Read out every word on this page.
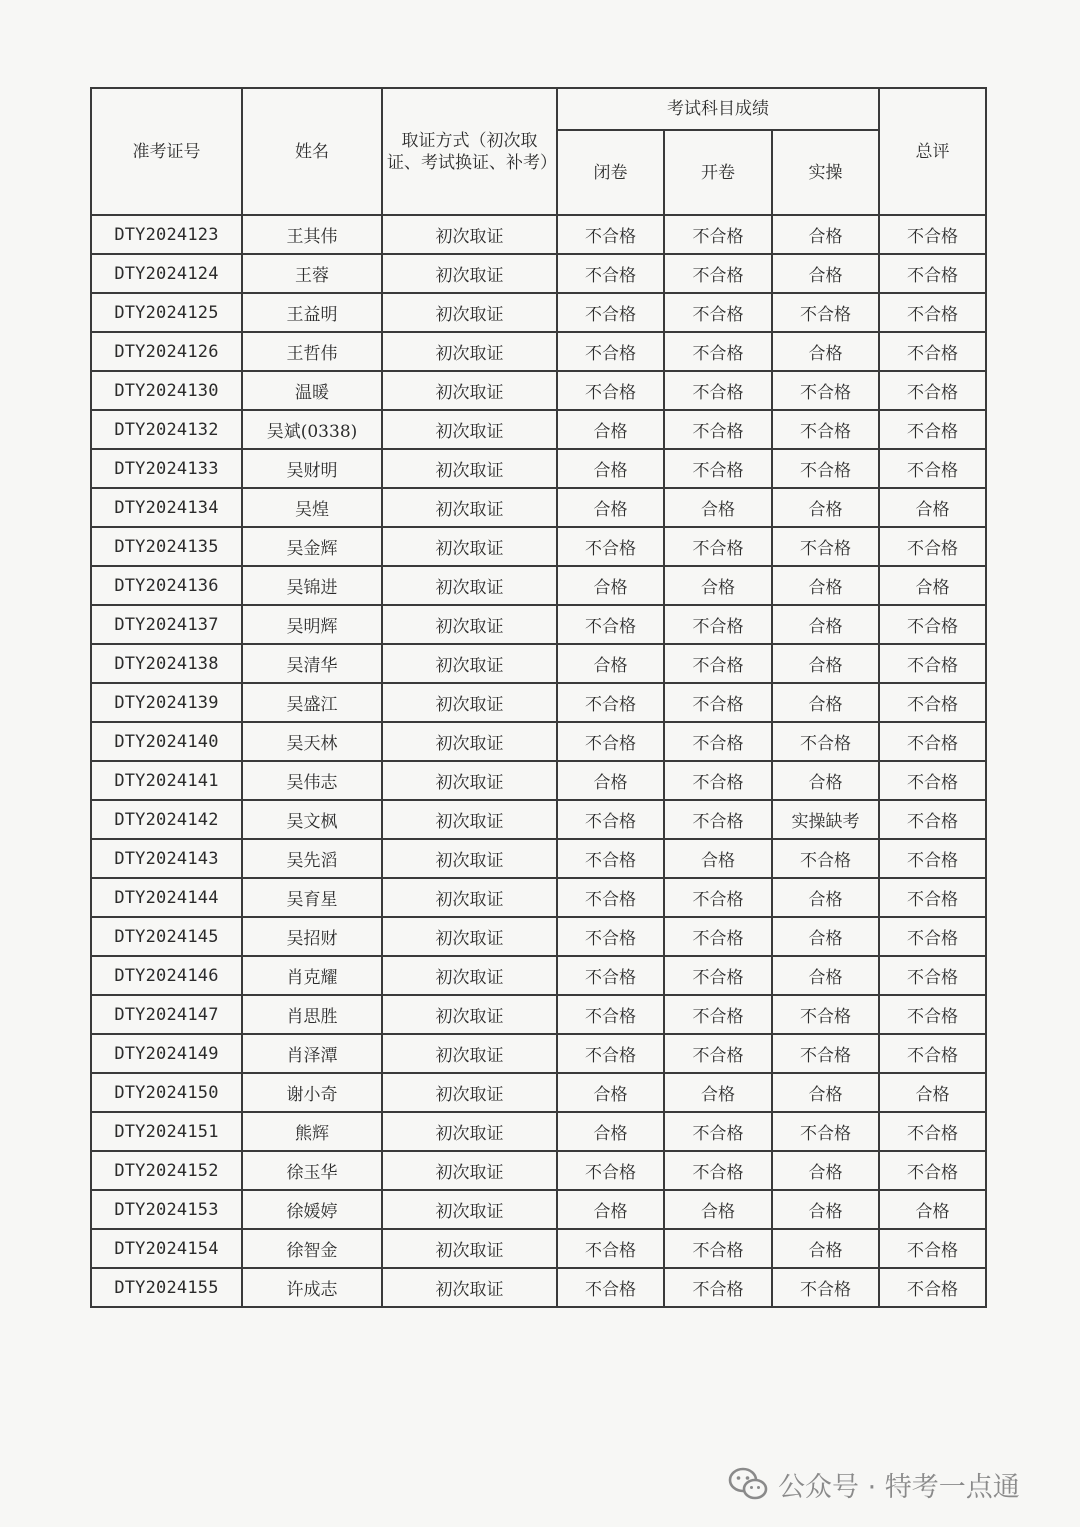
准考证号	姓名	取证方式（初次取证、考试换证、补考）	考试科目成绩			总评
			闭卷	开卷	实操	
DTY2024123	王其伟	初次取证	不合格	不合格	合格	不合格
DTY2024124	王蓉	初次取证	不合格	不合格	合格	不合格
DTY2024125	王益明	初次取证	不合格	不合格	不合格	不合格
DTY2024126	王哲伟	初次取证	不合格	不合格	合格	不合格
DTY2024130	温暖	初次取证	不合格	不合格	不合格	不合格
DTY2024132	吴斌(0338)	初次取证	合格	不合格	不合格	不合格
DTY2024133	吴财明	初次取证	合格	不合格	不合格	不合格
DTY2024134	吴煌	初次取证	合格	合格	合格	合格
DTY2024135	吴金辉	初次取证	不合格	不合格	不合格	不合格
DTY2024136	吴锦进	初次取证	合格	合格	合格	合格
DTY2024137	吴明辉	初次取证	不合格	不合格	合格	不合格
DTY2024138	吴清华	初次取证	合格	不合格	合格	不合格
DTY2024139	吴盛江	初次取证	不合格	不合格	合格	不合格
DTY2024140	吴天林	初次取证	不合格	不合格	不合格	不合格
DTY2024141	吴伟志	初次取证	合格	不合格	合格	不合格
DTY2024142	吴文枫	初次取证	不合格	不合格	实操缺考	不合格
DTY2024143	吴先滔	初次取证	不合格	合格	不合格	不合格
DTY2024144	吴育星	初次取证	不合格	不合格	合格	不合格
DTY2024145	吴招财	初次取证	不合格	不合格	合格	不合格
DTY2024146	肖克耀	初次取证	不合格	不合格	合格	不合格
DTY2024147	肖思胜	初次取证	不合格	不合格	不合格	不合格
DTY2024149	肖泽潭	初次取证	不合格	不合格	不合格	不合格
DTY2024150	谢小奇	初次取证	合格	合格	合格	合格
DTY2024151	熊辉	初次取证	合格	不合格	不合格	不合格
DTY2024152	徐玉华	初次取证	不合格	不合格	合格	不合格
DTY2024153	徐媛婷	初次取证	合格	合格	合格	合格
DTY2024154	徐智金	初次取证	不合格	不合格	合格	不合格
DTY2024155	许成志	初次取证	不合格	不合格	不合格	不合格
公众号 · 特考一点通
